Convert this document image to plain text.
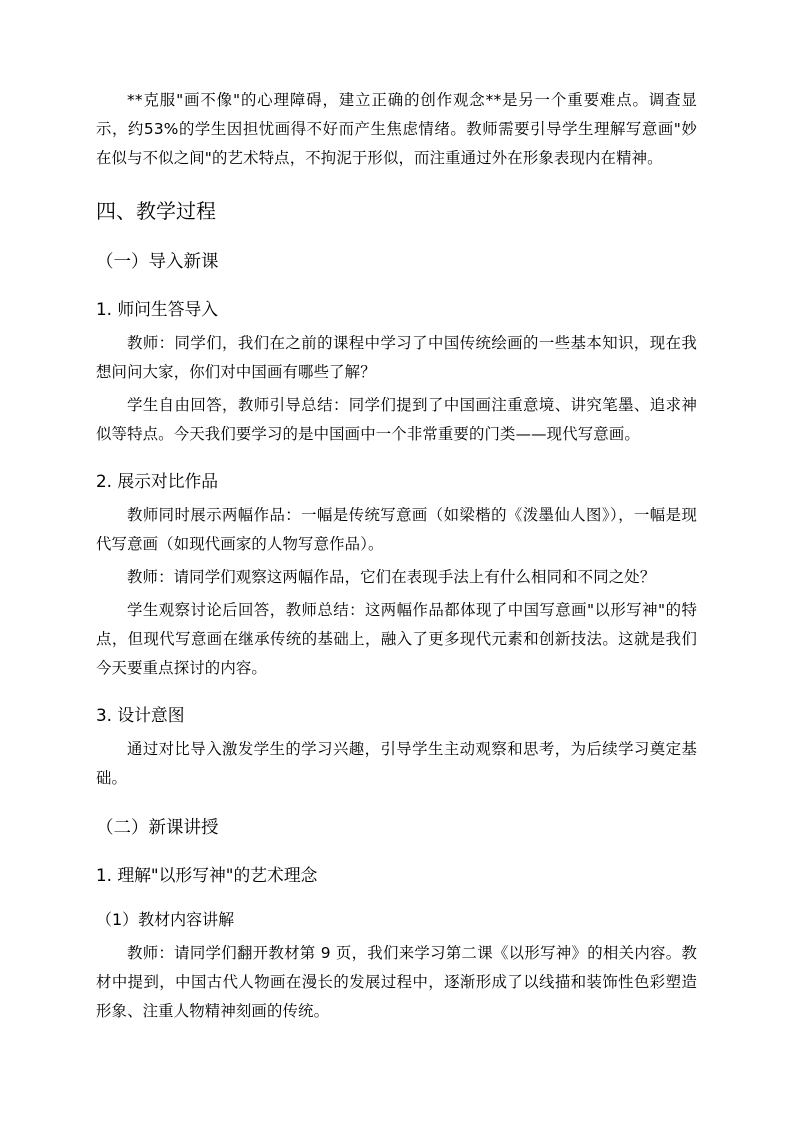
**克服"画不像"的心理障碍，建立正确的创作观念**是另一个重要难点。调查显示，约53%的学生因担忧画得不好而产生焦虑情绪。教师需要引导学生理解写意画"妙在似与不似之间"的艺术特点，不拘泥于形似，而注重通过外在形象表现内在精神。

四、教学过程
（一）导入新课
1. 师问生答导入

教师：同学们，我们在之前的课程中学习了中国传统绘画的一些基本知识，现在我想问问大家，你们对中国画有哪些了解？

学生自由回答，教师引导总结：同学们提到了中国画注重意境、讲究笔墨、追求神似等特点。今天我们要学习的是中国画中一个非常重要的门类——现代写意画。

2. 展示对比作品

教师同时展示两幅作品：一幅是传统写意画（如梁楷的《泼墨仙人图》），一幅是现代写意画（如现代画家的人物写意作品）。

教师：请同学们观察这两幅作品，它们在表现手法上有什么相同和不同之处？

学生观察讨论后回答，教师总结：这两幅作品都体现了中国写意画"以形写神"的特点，但现代写意画在继承传统的基础上，融入了更多现代元素和创新技法。这就是我们今天要重点探讨的内容。

3. 设计意图

通过对比导入激发学生的学习兴趣，引导学生主动观察和思考，为后续学习奠定基础。

（二）新课讲授
1. 理解"以形写神"的艺术理念
（1）教材内容讲解

教师：请同学们翻开教材第 9 页，我们来学习第二课《以形写神》的相关内容。教材中提到，中国古代人物画在漫长的发展过程中，逐渐形成了以线描和装饰性色彩塑造形象、注重人物精神刻画的传统。
